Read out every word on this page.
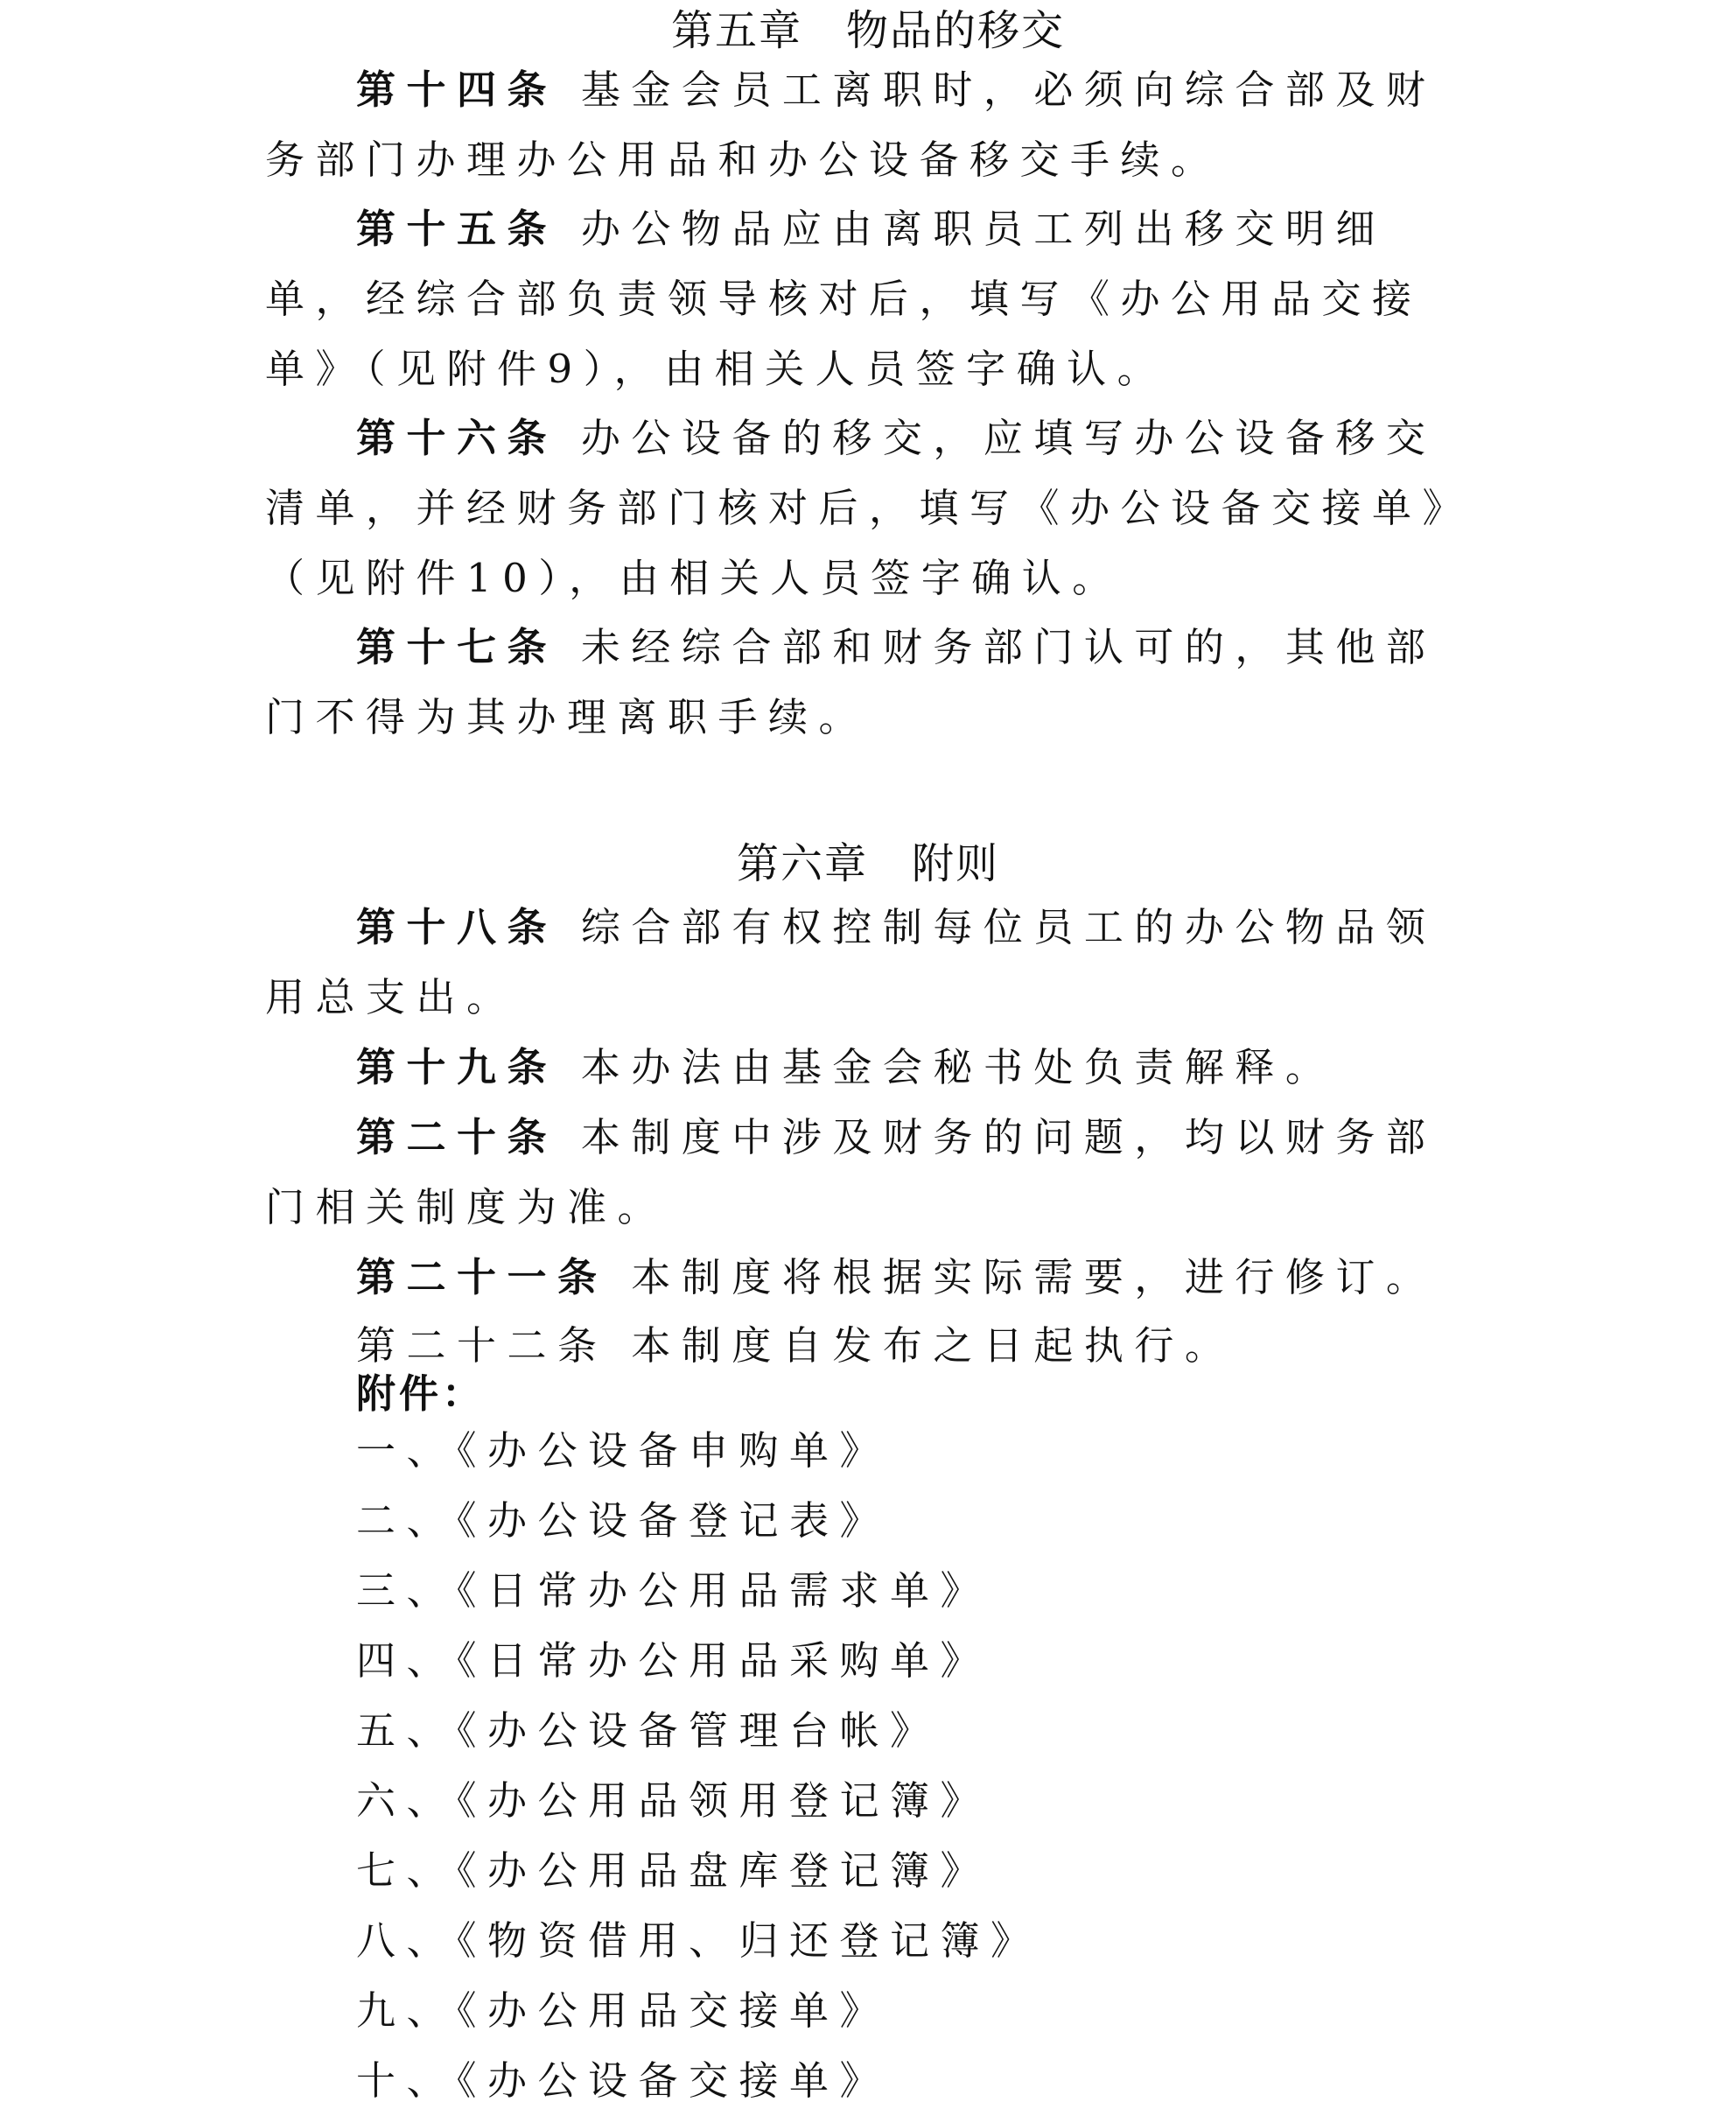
第五章　物品的移交

第十四条 基金会员工离职时，必须向综合部及财务部门办理办公用品和办公设备移交手续。

第十五条 办公物品应由离职员工列出移交明细单，经综合部负责领导核对后，填写《办公用品交接单》（见附件9），由相关人员签字确认。

第十六条 办公设备的移交，应填写办公设备移交清单，并经财务部门核对后，填写《办公设备交接单》（见附件10），由相关人员签字确认。

第十七条 未经综合部和财务部门认可的，其他部门不得为其办理离职手续。

第六章　附则

第十八条 综合部有权控制每位员工的办公物品领用总支出。

第十九条 本办法由基金会秘书处负责解释。

第二十条 本制度中涉及财务的问题，均以财务部门相关制度为准。

第二十一条 本制度将根据实际需要，进行修订。

第二十二条 本制度自发布之日起执行。
附件：
一、《办公设备申购单》
二、《办公设备登记表》
三、《日常办公用品需求单》
四、《日常办公用品采购单》
五、《办公设备管理台帐》
六、《办公用品领用登记簿》
七、《办公用品盘库登记簿》
八、《物资借用、归还登记簿》
九、《办公用品交接单》
十、《办公设备交接单》
